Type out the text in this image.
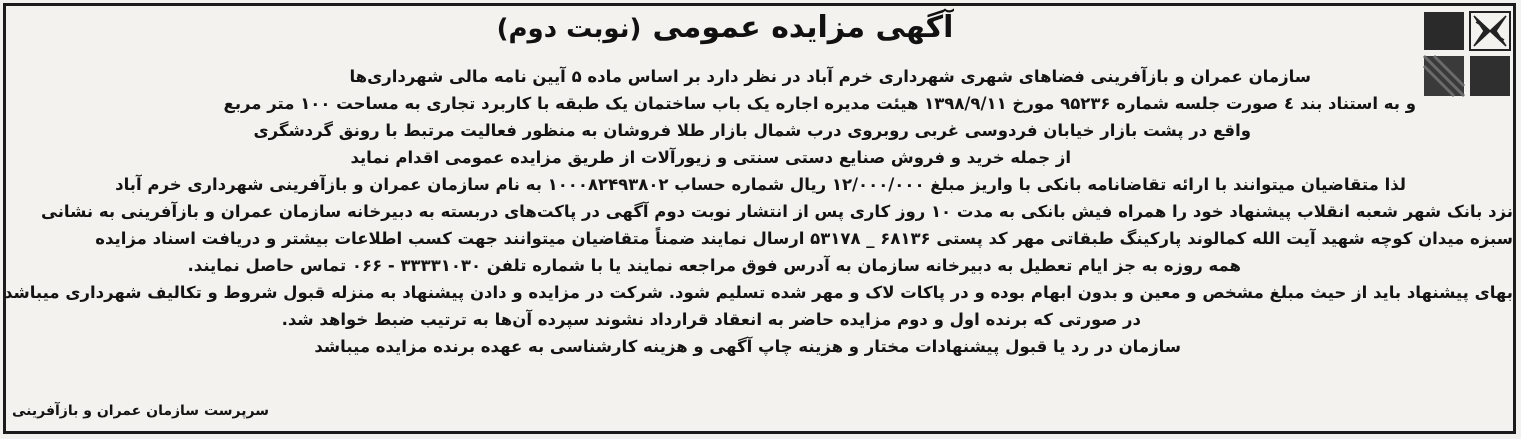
آگهی مزایده عمومی (نوبت دوم)
سازمان عمران و بازآفرینی فضاهای شهری شهرداری خرم آباد در نظر دارد بر اساس ماده ۵ آیین نامه مالی شهرداری‌ها
و به استناد بند ٤ صورت جلسه شماره ۹۵۲۳۶ مورخ ۱۳۹۸/۹/۱۱ هیئت مدیره اجاره یک باب ساختمان یک طبقه با کاربرد تجاری به مساحت ۱۰۰ متر مربع
واقع در پشت بازار خیابان فردوسی غربی روبروی درب شمال بازار طلا فروشان به منظور فعالیت مرتبط با رونق گردشگری
از جمله خرید و فروش صنایع دستی سنتی و زیورآلات از طریق مزایده عمومی اقدام نماید
لذا متقاضیان میتوانند با ارائه تقاضانامه بانکی با واریز مبلغ ۱۲/۰۰۰/۰۰۰ ریال شماره حساب ۱۰۰۰۸۲۴۹۳۸۰۲ به نام سازمان عمران و بازآفرینی شهرداری خرم آباد
نزد بانک شهر شعبه انقلاب پیشنهاد خود را همراه فیش بانکی به مدت ۱۰ روز کاری پس از انتشار نوبت دوم آگهی در پاکت‌های دربسته به دبیرخانه سازمان عمران و بازآفرینی به نشانی
سبزه میدان کوچه شهید آیت الله کمالوند پارکینگ طبقاتی مهر کد پستی ۶۸۱۳۶ _ ۵۳۱۷۸ ارسال نمایند ضمناً متقاضیان میتوانند جهت کسب اطلاعات بیشتر و دریافت اسناد مزایده
همه روزه به جز ایام تعطیل به دبیرخانه سازمان به آدرس فوق مراجعه نمایند یا با شماره تلفن ۳۳۳۳۱۰۳۰ - ۰۶۶ تماس حاصل نمایند.
بهای پیشنهاد باید از حیث مبلغ مشخص و معین و بدون ابهام بوده و در پاکات لاک و مهر شده تسلیم شود. شرکت در مزایده و دادن پیشنهاد به منزله قبول شروط و تکالیف شهرداری میباشد
در صورتی که برنده اول و دوم مزایده حاضر به انعقاد قرارداد نشوند سپرده آن‌ها به ترتیب ضبط خواهد شد.
سازمان در رد یا قبول پیشنهادات مختار و هزینه چاپ آگهی و هزینه کارشناسی به عهده برنده مزایده میباشد
سرپرست سازمان عمران و بازآفرینی
